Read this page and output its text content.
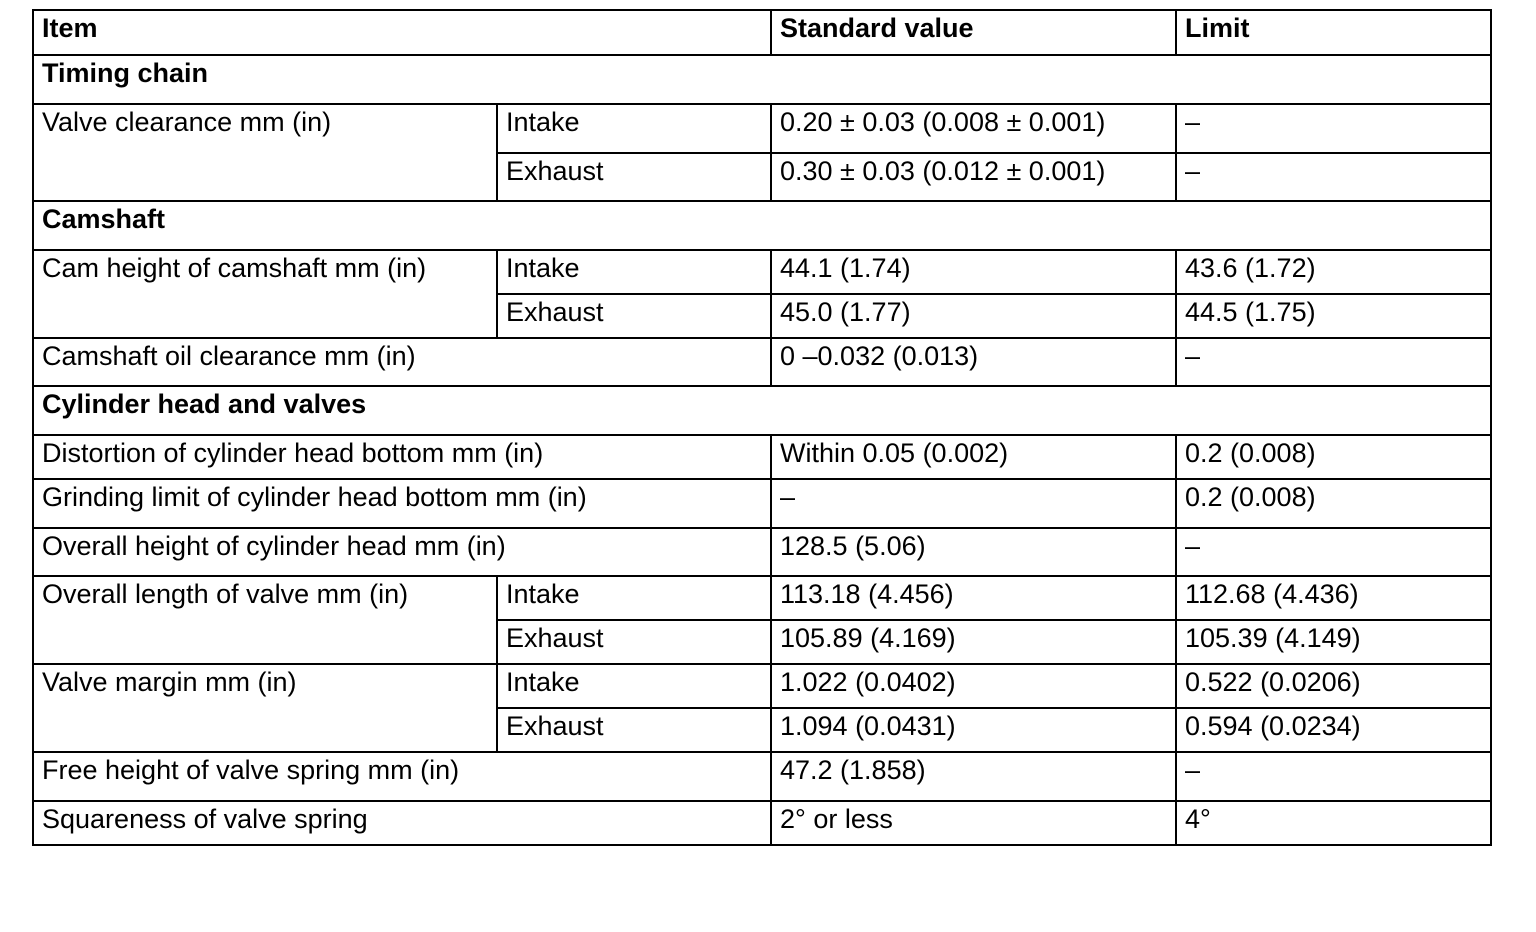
Item		Standard value	Limit
Timing chain			
Valve clearance mm (in)	Intake	0.20 ± 0.03 (0.008 ± 0.001)	–
	Exhaust	0.30 ± 0.03 (0.012 ± 0.001)	–
Camshaft			
Cam height of camshaft mm (in)	Intake	44.1 (1.74)	43.6 (1.72)
	Exhaust	45.0 (1.77)	44.5 (1.75)
Camshaft oil clearance mm (in)		0 –0.032 (0.013)	–
Cylinder head and valves			
Distortion of cylinder head bottom mm (in)		Within 0.05 (0.002)	0.2 (0.008)
Grinding limit of cylinder head bottom mm (in)		–	0.2 (0.008)
Overall height of cylinder head mm (in)		128.5 (5.06)	–
Overall length of valve mm (in)	Intake	113.18 (4.456)	112.68 (4.436)
	Exhaust	105.89 (4.169)	105.39 (4.149)
Valve margin mm (in)	Intake	1.022 (0.0402)	0.522 (0.0206)
	Exhaust	1.094 (0.0431)	0.594 (0.0234)
Free height of valve spring mm (in)		47.2 (1.858)	–
Squareness of valve spring		2° or less	4°
